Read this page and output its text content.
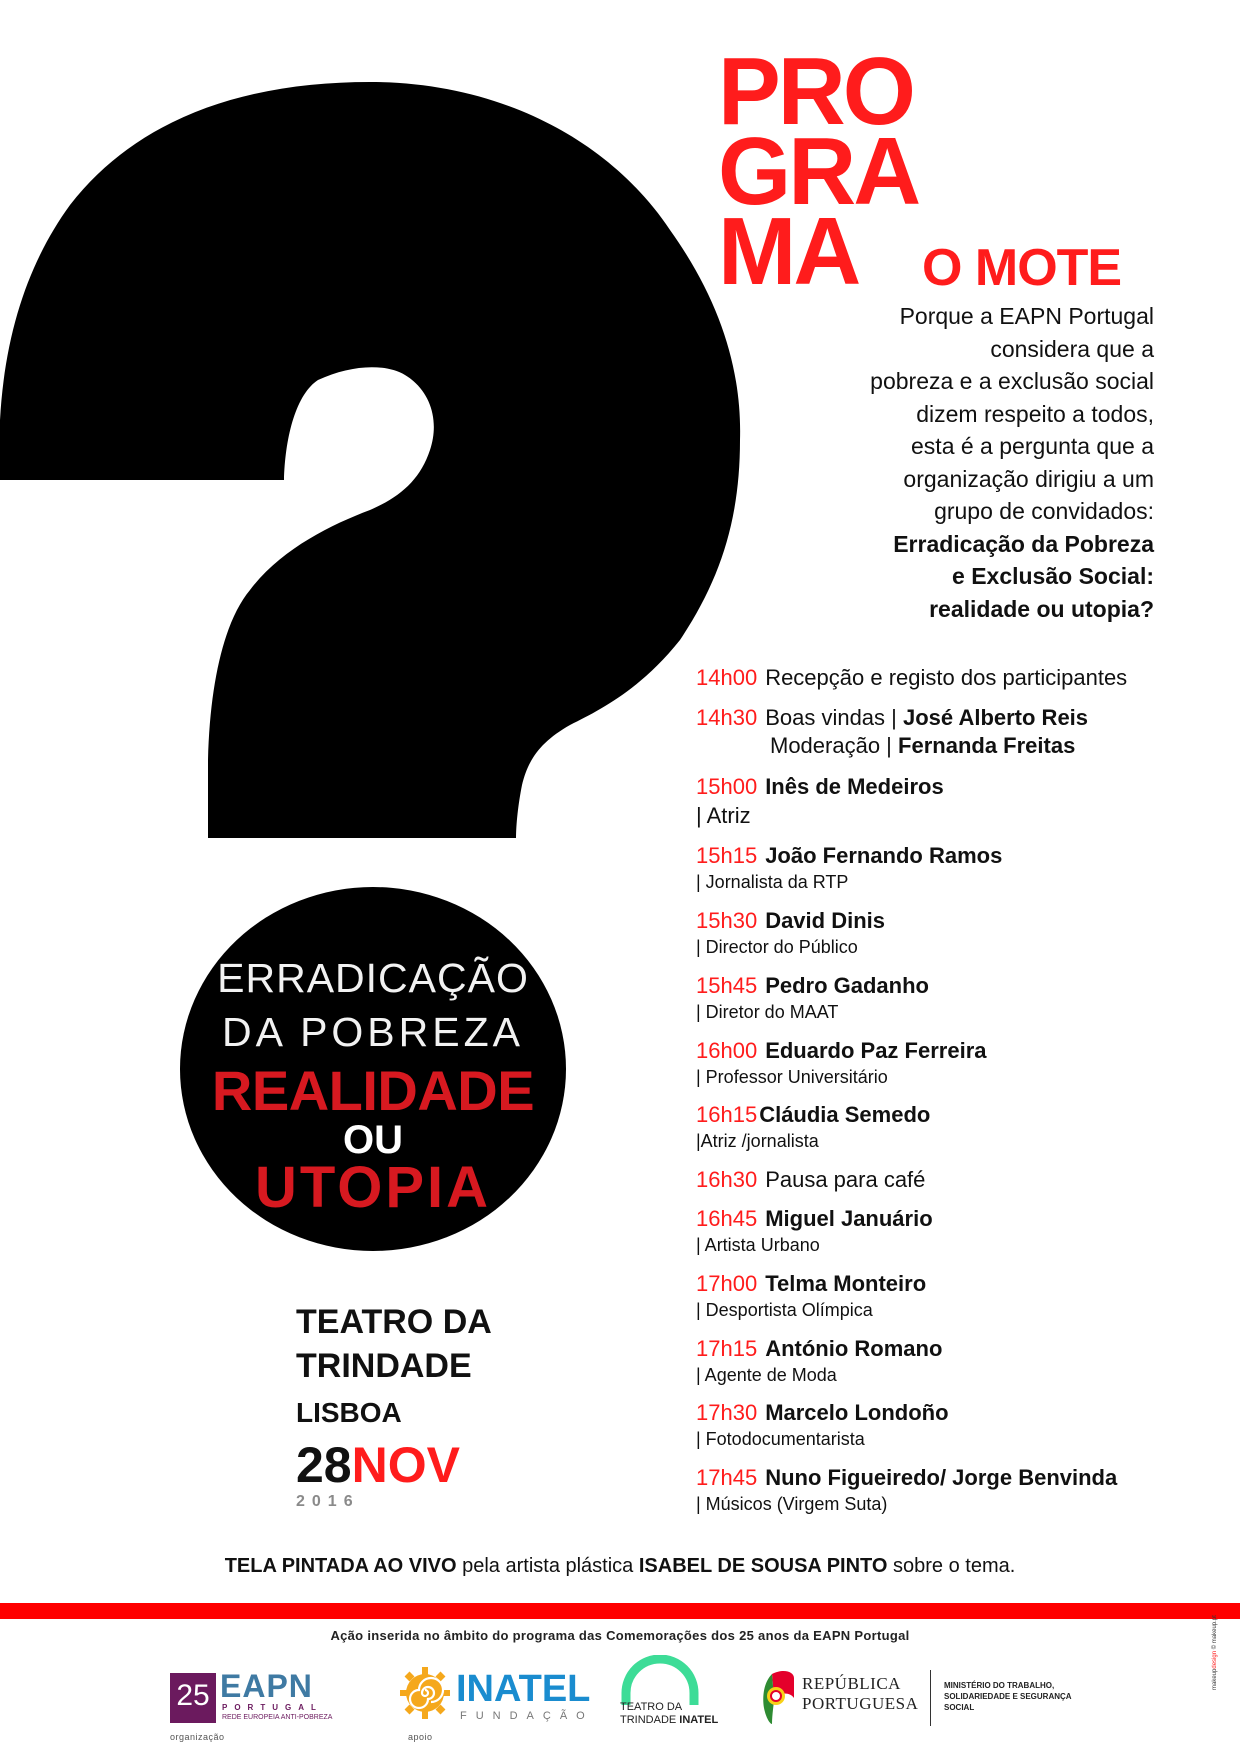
PRO
GRA
MA	O MOTE
Porque a EAPN Portugal
considera que a
pobreza e a exclusão social
dizem respeito a todos,
esta é a pergunta que a
organização dirigiu a um
grupo de convidados:
Erradicação da Pobreza
e Exclusão Social:
realidade ou utopia?
14h00 Recepção e registo dos participantes
14h30 Boas vindas | José Alberto Reis
Moderação | Fernanda Freitas
15h00 Inês de Medeiros
| Atriz
15h15 João Fernando Ramos
| Jornalista da RTP
15h30 David Dinis
| Director do Público
15h45 Pedro Gadanho
| Diretor do MAAT
16h00 Eduardo Paz Ferreira
| Professor Universitário
16h15Cláudia Semedo
|Atriz /jornalista
16h30 Pausa para café
16h45 Miguel Januário
| Artista Urbano
17h00 Telma Monteiro
| Desportista Olímpica
17h15 António Romano
| Agente de Moda
17h30 Marcelo Londoño
| Fotodocumentarista
17h45 Nuno Figueiredo/ Jorge Benvinda
| Músicos (Virgem Suta)
ERRADICAÇÃO
DA POBREZA
REALIDADE
OU
UTOPIA
TEATRO DA
TRINDADE
LISBOA
28NOV
2016
TELA PINTADA AO VIVO pela artista plástica ISABEL DE SOUSA PINTO sobre o tema.
Ação inserida no âmbito do programa das Comemorações dos 25 anos da EAPN Portugal
25 EAPN
PORTUGAL
REDE EUROPEIA ANTI-POBREZA
organização
INATEL
FUNDAÇÃO
apoio
TEATRO DA
TRINDADE INATEL
REPÚBLICA
PORTUGUESA
MINISTÉRIO DO TRABALHO,
SOLIDARIEDADE E SEGURANÇA
SOCIAL
makeupdesign © makeup.pt
